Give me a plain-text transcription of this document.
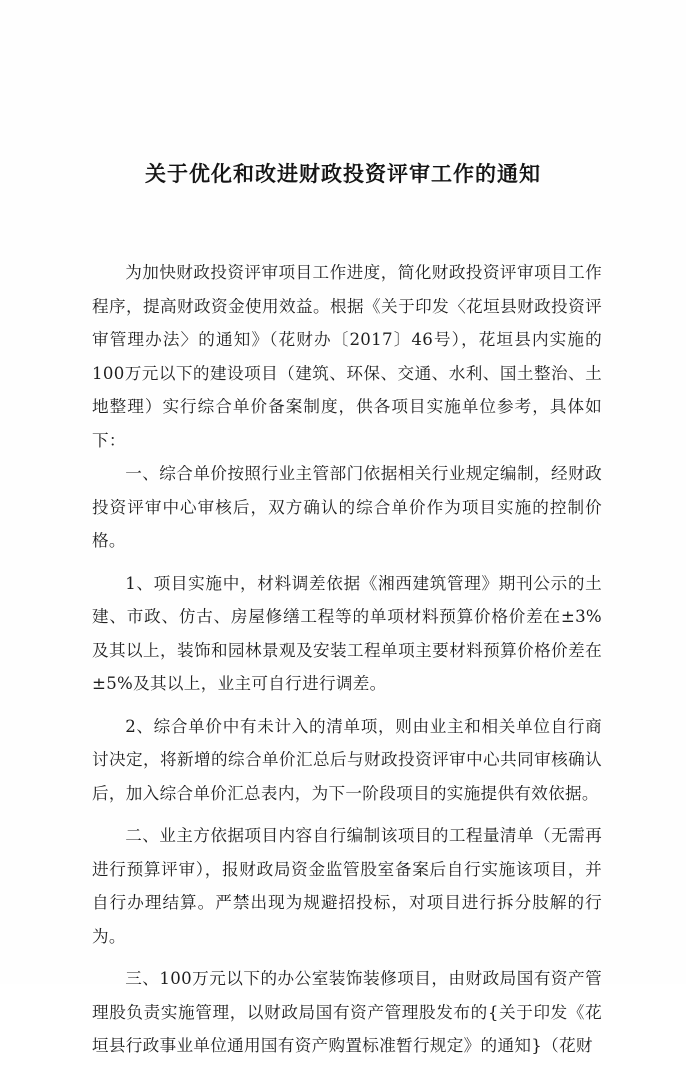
关于优化和改进财政投资评审工作的通知

为加快财政投资评审项目工作进度，简化财政投资评审项目工作程序，提高财政资金使用效益。根据《关于印发〈花垣县财政投资评审管理办法〉的通知》（花财办〔2017〕46号），花垣县内实施的100万元以下的建设项目（建筑、环保、交通、水利、国土整治、土地整理）实行综合单价备案制度，供各项目实施单位参考，具体如下：

一、综合单价按照行业主管部门依据相关行业规定编制，经财政投资评审中心审核后，双方确认的综合单价作为项目实施的控制价格。

1、项目实施中，材料调差依据《湘西建筑管理》期刊公示的土建、市政、仿古、房屋修缮工程等的单项材料预算价格价差在±3%及其以上，装饰和园林景观及安装工程单项主要材料预算价格价差在±5%及其以上，业主可自行进行调差。

2、综合单价中有未计入的清单项，则由业主和相关单位自行商讨决定，将新增的综合单价汇总后与财政投资评审中心共同审核确认后，加入综合单价汇总表内，为下一阶段项目的实施提供有效依据。

二、业主方依据项目内容自行编制该项目的工程量清单（无需再进行预算评审），报财政局资金监管股室备案后自行实施该项目，并自行办理结算。严禁出现为规避招投标，对项目进行拆分肢解的行为。

三、100万元以下的办公室装饰装修项目，由财政局国有资产管理股负责实施管理，以财政局国有资产管理股发布的{关于印发《花垣县行政事业单位通用国有资产购置标准暂行规定》的通知}（花财
